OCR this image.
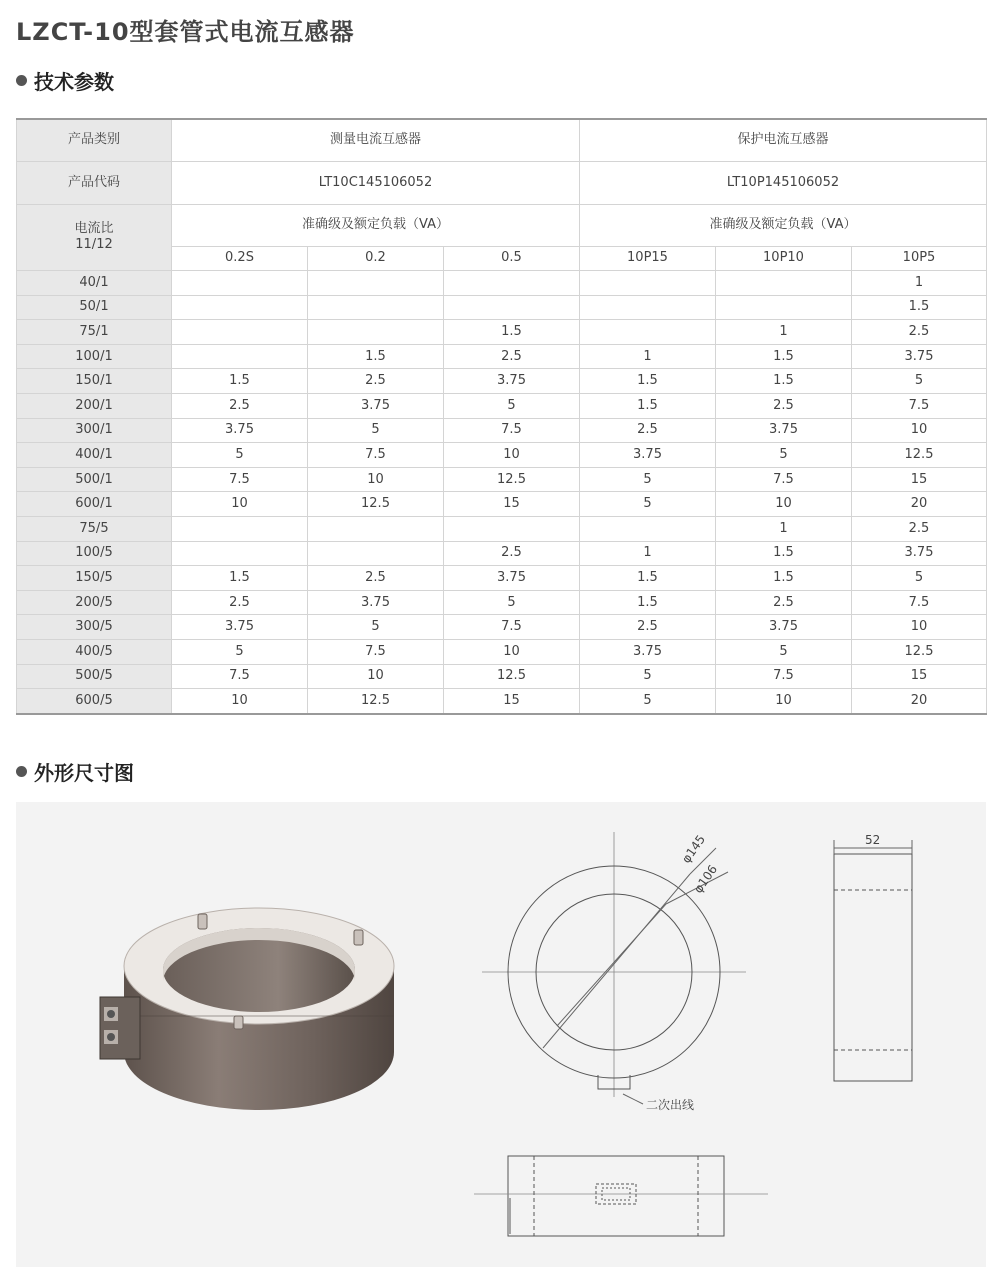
LZCT-10型套管式电流互感器
技术参数
产品类别	测量电流互感器			保护电流互感器		
产品代码	LT10C145106052			LT10P145106052		

电流比
11/12	准确级及额定负载（VA）			准确级及额定负载（VA）		
	0.2S	0.2	0.5	10P15	10P10	10P5
40/1						1
50/1						1.5
75/1			1.5		1	2.5
100/1		1.5	2.5	1	1.5	3.75
150/1	1.5	2.5	3.75	1.5	1.5	5
200/1	2.5	3.75	5	1.5	2.5	7.5
300/1	3.75	5	7.5	2.5	3.75	10
400/1	5	7.5	10	3.75	5	12.5
500/1	7.5	10	12.5	5	7.5	15
600/1	10	12.5	15	5	10	20
75/5					1	2.5
100/5			2.5	1	1.5	3.75
150/5	1.5	2.5	3.75	1.5	1.5	5
200/5	2.5	3.75	5	1.5	2.5	7.5
300/5	3.75	5	7.5	2.5	3.75	10
400/5	5	7.5	10	3.75	5	12.5
500/5	7.5	10	12.5	5	7.5	15
600/5	10	12.5	15	5	10	20
外形尺寸图
φ145
φ106
二次出线
52
